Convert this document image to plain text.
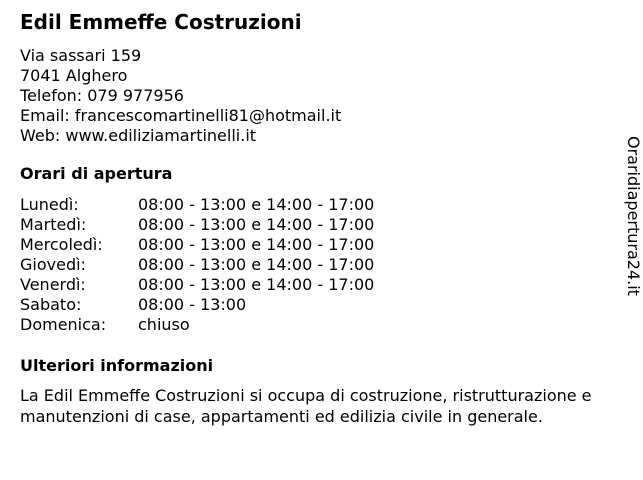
Edil Emmeffe Costruzioni
Via sassari 159
7041 Alghero
Telefon: 079 977956
Email: francescomartinelli81@hotmail.it
Web: www.ediliziamartinelli.it
Orari di apertura
Lunedì:	08:00 - 13:00 e 14:00 - 17:00
Martedì:	08:00 - 13:00 e 14:00 - 17:00
Mercoledì:	08:00 - 13:00 e 14:00 - 17:00
Giovedì:	08:00 - 13:00 e 14:00 - 17:00
Venerdì:	08:00 - 13:00 e 14:00 - 17:00
Sabato:	08:00 - 13:00
Domenica:	chiuso
Ulteriori informazioni

La Edil Emmeffe Costruzioni si occupa di costruzione, ristrutturazione e manutenzioni di case, appartamenti ed edilizia civile in generale.

Oraridiapertura24.it
